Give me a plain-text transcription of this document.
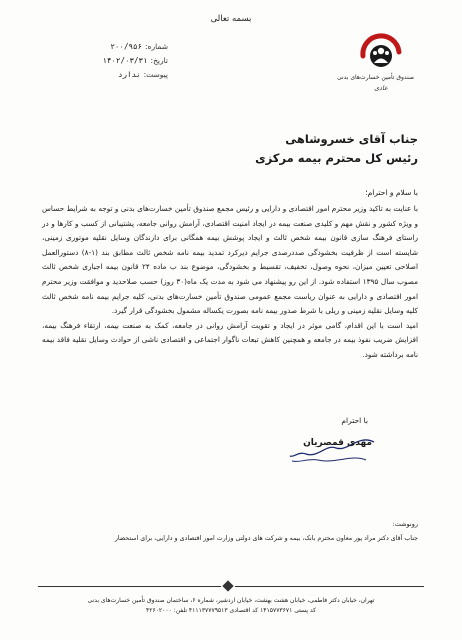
بسمه تعالی
شماره:
۲۰۰/۹۵۶
تاریخ:
۱۴۰۲/۰۳/۳۱
پیوست:
ندارد	صندوق تأمین خسارت‌های بدنی
عادی
جناب آقای خسروشاهی
رئیس کل محترم بیمه مرکزی
با سلام و احترام؛

با عنایت به تاکید وزیر محترم امور اقتصادی و دارایی و رئیس مجمع صندوق تأمین خسارت‌های بدنی و توجه به شرایط حساس و ویژه کشور و نقش مهم و کلیدی صنعت بیمه در ایجاد امنیت اقتصادی، آرامش روانی جامعه، پشتیبانی از کسب و کارها و در راستای فرهنگ سازی قانون بیمه شخص ثالث و ایجاد پوشش بیمه همگانی برای دارندگان وسایل نقلیه موتوری زمینی، شایسته است از ظرفیت بخشودگی صددرصدی جرایم دیرکرد تمدید بیمه نامه شخص ثالث مطابق بند (۱-۸) دستورالعمل اصلاحی تعیین میزان، نحوه وصول، تخفیف، تقسیط و بخشودگی، موضوع بند ب ماده ۲۴ قانون بیمه اجباری شخص ثالث مصوب سال ۱۳۹۵ استفاده شود. از این رو پیشنهاد می شود به مدت یک ماه(۳۰ روز) حسب صلاحدید و موافقت وزیر محترم امور اقتصادی و دارایی به عنوان ریاست مجمع عمومی صندوق تأمین خسارت‌های بدنی، کلیه جرایم بیمه نامه شخص ثالث کلیه وسایل نقلیه زمینی و ریلی با شرط صدور بیمه نامه بصورت یکساله مشمول بخشودگی قرار گیرد.

امید است با این اقدام، گامی موثر در ایجاد و تقویت آرامش روانی در جامعه، کمک به صنعت بیمه، ارتقاء فرهنگ بیمه، افزایش ضریب نفوذ بیمه در جامعه و همچنین کاهش تبعات ناگوار اجتماعی و اقتصادی ناشی از حوادث وسایل نقلیه فاقد بیمه نامه برداشته شود.

با احترام
مهدی قمصریان
رونوشت:
جناب آقای دکتر مراد پور معاون محترم بانک، بیمه و شرکت های دولتی وزارت امور اقتصادی و دارایی، برای استحضار
تهران، خیابان دکتر فاطمی، خیابان هشت بهشت، خیابان اردشیر، شماره ۶، ساختمان صندوق تأمین خسارت‌های بدنی
کد پستی ۱۴۱۵۷۷۳۶۷۱ کد اقتصادی ۴۱۱۱۳۷۷۷۹۵۱۳ تلفن: ۴۲۶۰۲۰۰۰
